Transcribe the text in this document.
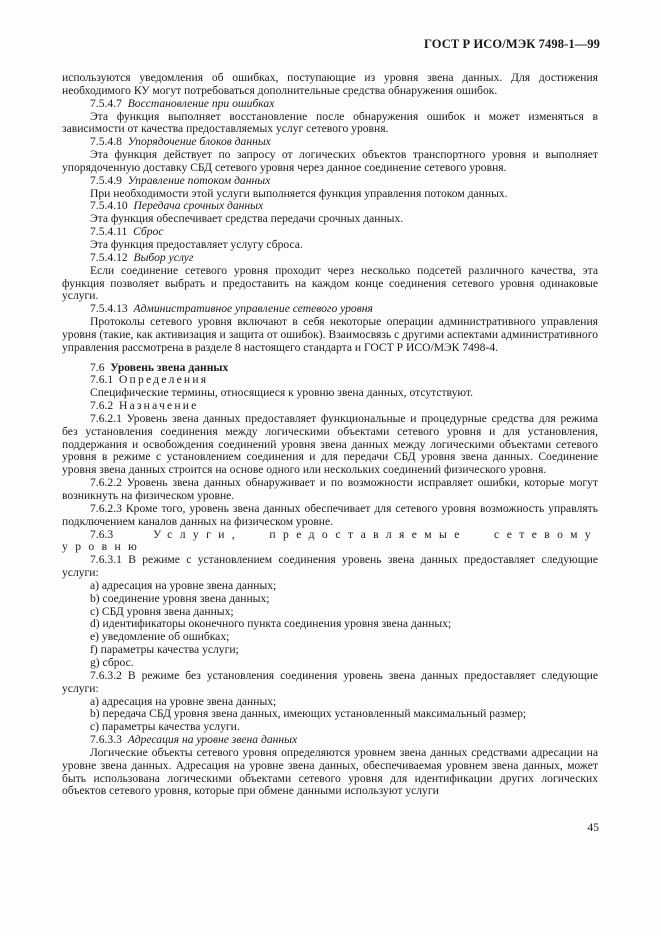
ГОСТ Р ИСО/МЭК 7498-1—99

используются уведомления об ошибках, поступающие из уровня звена данных. Для достижения необходимого КУ могут потребоваться дополнительные средства обнаружения ошибок.

7.5.4.7 Восстановление при ошибках

Эта функция выполняет восстановление после обнаружения ошибок и может изменяться в зависимости от качества предоставляемых услуг сетевого уровня.

7.5.4.8 Упорядочение блоков данных

Эта функция действует по запросу от логических объектов транспортного уровня и выполняет упорядоченную доставку СБД сетевого уровня через данное соединение сетевого уровня.

7.5.4.9 Управление потоком данных

При необходимости этой услуги выполняется функция управления потоком данных.

7.5.4.10 Передача срочных данных

Эта функция обеспечивает средства передачи срочных данных.

7.5.4.11 Сброс

Эта функция предоставляет услугу сброса.

7.5.4.12 Выбор услуг

Если соединение сетевого уровня проходит через несколько подсетей различного качества, эта функция позволяет выбрать и предоставить на каждом конце соединения сетевого уровня одинаковые услуги.

7.5.4.13 Административное управление сетевого уровня

Протоколы сетевого уровня включают в себя некоторые операции административного управления уровня (такие, как активизация и защита от ошибок). Взаимосвязь с другими аспектами административного управления рассмотрена в разделе 8 настоящего стандарта и ГОСТ Р ИСО/МЭК 7498-4.

7.6 Уровень звена данных

7.6.1 Определения

Специфические термины, относящиеся к уровню звена данных, отсутствуют.

7.6.2 Назначение

7.6.2.1 Уровень звена данных предоставляет функциональные и процедурные средства для режима без установления соединения между логическими объектами сетевого уровня и для установления, поддержания и освобождения соединений уровня звена данных между логическими объектами сетевого уровня в режиме с установлением соединения и для передачи СБД уровня звена данных. Соединение уровня звена данных строится на основе одного или нескольких соединений физического уровня.

7.6.2.2 Уровень звена данных обнаруживает и по возможности исправляет ошибки, которые могут возникнуть на физическом уровне.

7.6.2.3 Кроме того, уровень звена данных обеспечивает для сетевого уровня возможность управлять подключением каналов данных на физическом уровне.

7.6.3	Услуги, предоставляемые сетевому уровню

7.6.3.1 В режиме с установлением соединения уровень звена данных предоставляет следующие услуги:

a) адресация на уровне звена данных;

b) соединение уровня звена данных;

c) СБД уровня звена данных;

d) идентификаторы оконечного пункта соединения уровня звена данных;

e) уведомление об ошибках;

f) параметры качества услуги;

g) сброс.

7.6.3.2 В режиме без установления соединения уровень звена данных предоставляет следующие услуги:

a) адресация на уровне звена данных;

b) передача СБД уровня звена данных, имеющих установленный максимальный размер;

c) параметры качества услуги.

7.6.3.3 Адресация на уровне звена данных

Логические объекты сетевого уровня определяются уровнем звена данных средствами адресации на уровне звена данных. Адресация на уровне звена данных, обеспечиваемая уровнем звена данных, может быть использована логическими объектами сетевого уровня для идентификации других логических объектов сетевого уровня, которые при обмене данными используют услуги

45
